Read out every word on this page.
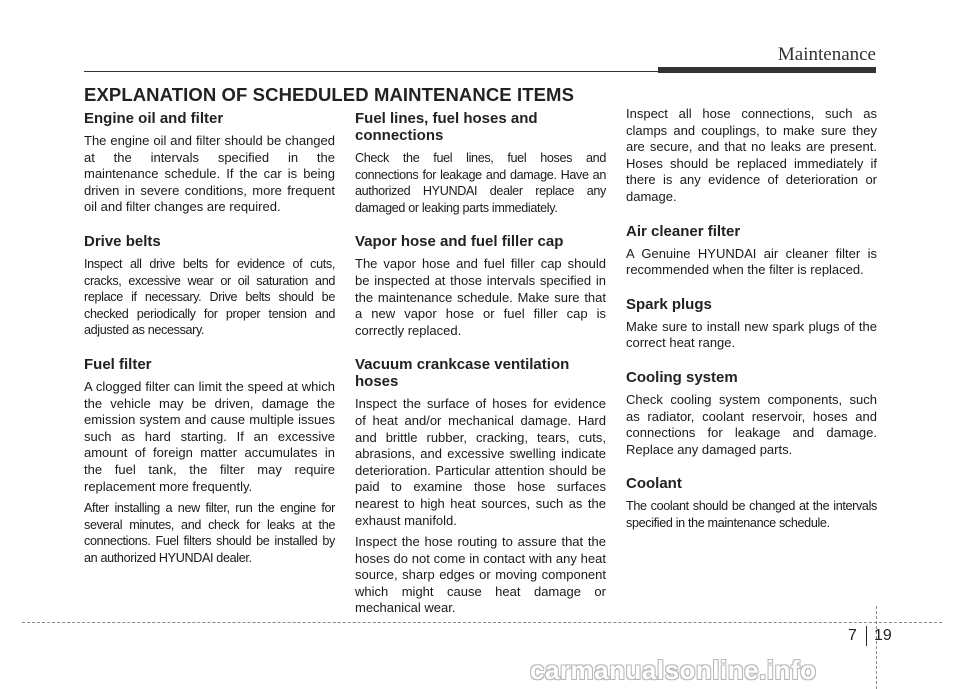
Maintenance
EXPLANATION OF SCHEDULED MAINTENANCE ITEMS
Engine oil and filter

The engine oil and filter should be changed at the intervals specified in the maintenance schedule. If the car is being driven in severe conditions, more frequent oil and filter changes are required.

Drive belts

Inspect all drive belts for evidence of cuts, cracks, excessive wear or oil saturation and replace if necessary. Drive belts should be checked periodically for proper tension and adjusted as necessary.

Fuel filter

A clogged filter can limit the speed at which the vehicle may be driven, damage the emission system and cause multiple issues such as hard starting. If an excessive amount of foreign matter accumulates in the fuel tank, the filter may require replacement more frequently.

After installing a new filter, run the engine for several minutes, and check for leaks at the connections. Fuel filters should be installed by an authorized HYUNDAI dealer.

Fuel lines, fuel hoses and connections

Check the fuel lines, fuel hoses and connections for leakage and damage. Have an authorized HYUNDAI dealer replace any damaged or leaking parts immediately.

Vapor hose and fuel filler cap

The vapor hose and fuel filler cap should be inspected at those intervals specified in the maintenance schedule. Make sure that a new vapor hose or fuel filler cap is correctly replaced.

Vacuum crankcase ventilation hoses

Inspect the surface of hoses for evidence of heat and/or mechanical damage. Hard and brittle rubber, cracking, tears, cuts, abrasions, and excessive swelling indicate deterioration. Particular attention should be paid to examine those hose surfaces nearest to high heat sources, such as the exhaust manifold.

Inspect the hose routing to assure that the hoses do not come in contact with any heat source, sharp edges or moving component which might cause heat damage or mechanical wear.

Inspect all hose connections, such as clamps and couplings, to make sure they are secure, and that no leaks are present. Hoses should be replaced immediately if there is any evidence of deterioration or damage.

Air cleaner filter

A Genuine HYUNDAI air cleaner filter is recommended when the filter is replaced.

Spark plugs

Make sure to install new spark plugs of the correct heat range.

Cooling system

Check cooling system components, such as radiator, coolant reservoir, hoses and connections for leakage and damage. Replace any damaged parts.

Coolant

The coolant should be changed at the intervals specified in the maintenance schedule.

7 19
carmanualsonline.info
